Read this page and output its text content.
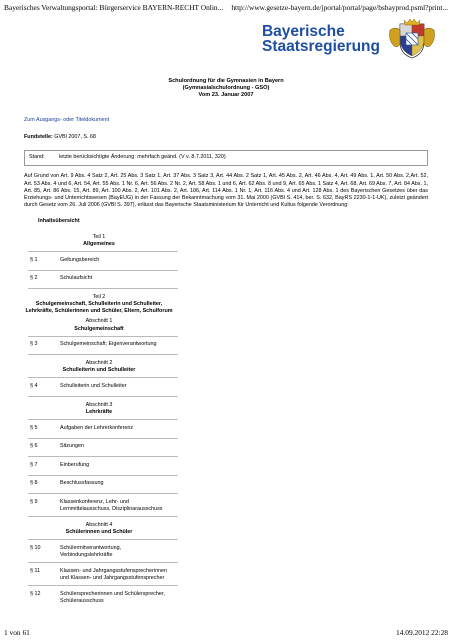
Bayerisches Verwaltungsportal: Bürgerservice BAYERN-RECHT Onlin... http://www.gesetze-bayern.de/jportal/portal/page/bsbayprod.psml?print...
Bayerische
Staatsregierung
Schulordnung für die Gymnasien in Bayern
(Gymnasialschulordnung - GSO)
Vom 23. Januar 2007
Zum Ausgangs- oder Titeldokument
Fundstelle: GVBl 2007, S. 68
Stand:	letzte berücksichtigte Änderung: mehrfach geänd. (V v. 8.7.2011, 320)
Auf Grund von Art. 9 Abs. 4 Satz 2, Art. 25 Abs. 3 Satz 1, Art. 37 Abs. 3 Satz 3, Art. 44 Abs. 2 Satz 1, Art. 45 Abs. 2, Art. 46 Abs. 4, Art. 49 Abs. 1, Art. 50 Abs. 2,Art. 52, Art. 53 Abs. 4 und 6, Art. 54, Art. 55 Abs. 1 Nr. 6, Art. 56 Abs. 2 Nr. 2, Art. 58 Abs. 1 und 6, Art. 62 Abs. 8 und 9, Art. 65 Abs. 1 Satz 4, Art. 68, Art. 69 Abs. 7, Art. 84 Abs. 1, Art. 85, Art. 86 Abs. 15, Art. 89, Art. 100 Abs. 2, Art. 101 Abs. 2, Art. 106, Art. 114 Abs. 1 Nr. 1, Art. 116 Abs. 4 und Art. 128 Abs. 1 des Bayerischen Gesetzes über das Erziehungs- und Unterrichtswesen (BayEUG) in der Fassung der Bekanntmachung vom 31. Mai 2000 (GVBl S. 414, ber. S. 632, BayRS 2230-1-1-UK), zuletzt geändert durch Gesetz vom 26. Juli 2006 (GVBl S. 397), erlässt das Bayerische Staatsministerium für Unterricht und Kultus folgende Verordnung:
Inhaltsübersicht
Teil 1
Allgemeines
§ 1	Geltungsbereich
§ 2	Schulaufsicht
Teil 2
Schulgemeinschaft, Schulleiterin und Schulleiter, Lehrkräfte, Schülerinnen und Schüler, Eltern, Schulforum
Abschnitt 1
Schulgemeinschaft
§ 3	Schulgemeinschaft; Eigenverantwortung
Abschnitt 2
Schulleiterin und Schulleiter
§ 4	Schulleiterin und Schulleiter
Abschnitt 3
Lehrkräfte
§ 5	Aufgaben der Lehrerkonferenz
§ 6	Sitzungen
§ 7	Einberufung
§ 8	Beschlussfassung
§ 9	Klassenkonferenz, Lehr- und Lernmittelausschuss, Disziplinarausschuss
Abschnitt 4
Schülerinnen und Schüler
§ 10	Schülermitverantwortung, Verbindungslehrkräfte
§ 11	Klassen- und Jahrgangsstufensprecherinnen und Klassen- und Jahrgangsstufensprecher
§ 12	Schülersprecherinnen und Schülersprecher, Schülerausschuss
1 von 61	14.09.2012 22:28
